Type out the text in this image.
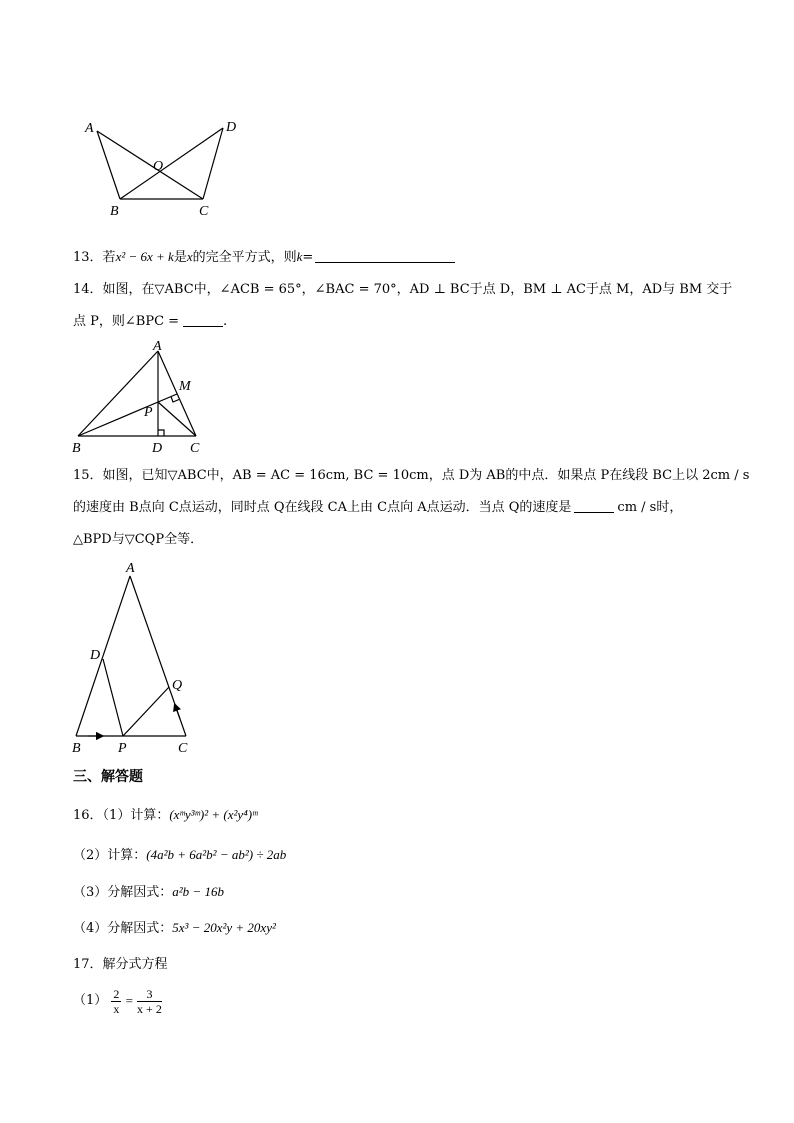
A	D
O
B	C
13．若x² − 6x + k是x的完全平方式，则k=
14．如图，在▽ABC中，∠ACB = 65°，∠BAC = 70°，AD ⊥ BC于点 D，BM ⊥ AC于点 M，AD与 BM 交于
点 P，则∠BPC =	.
A
M
P
B	D C
15．如图，已知▽ABC中，AB = AC = 16cm, BC = 10cm，点 D为 AB的中点．如果点 P在线段 BC上以 2cm / s
的速度由 B点向 C点运动，同时点 Q在线段 CA上由 C点向 A点运动．当点 Q的速度是	cm / s时，
△BPD与▽CQP全等．
A
D
Q
B	P	C
三、解答题
16．（1）计算：(xᵐy³ᵐ)² + (x²y⁴)ᵐ
（2）计算：(4a²b + 6a²b² − ab²) ÷ 2ab
（3）分解因式：a²b − 16b
（4）分解因式：5x³ − 20x²y + 20xy²
17．解分式方程
$(1) \frac{2}{x} = \frac{3}{x + 2}$
